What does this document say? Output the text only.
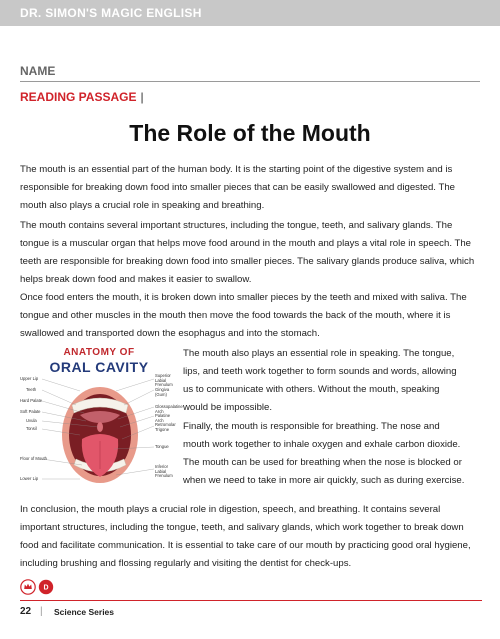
DR. SIMON'S MAGIC ENGLISH
NAME
READING PASSAGE |
The Role of the Mouth

The mouth is an essential part of the human body. It is the starting point of the digestive system and is responsible for breaking down food into smaller pieces that can be easily swallowed and digested. The mouth also plays a crucial role in speaking and breathing.

The mouth contains several important structures, including the tongue, teeth, and salivary glands. The tongue is a muscular organ that helps move food around in the mouth and plays a vital role in speech. The teeth are responsible for breaking down food into smaller pieces. The salivary glands produce saliva, which helps break down food and makes it easier to swallow.

Once food enters the mouth, it is broken down into smaller pieces by the teeth and mixed with saliva. The tongue and other muscles in the mouth then move the food towards the back of the mouth, where it is swallowed and transported down the esophagus and into the stomach.

ANATOMY OF
ORAL CAVITY
Upper Lip
Teeth
Hard Palate
Soft Palate
Uvula
Tonsil
Floor of Mouth
Lower Lip
Superior Labial Frenulum
Gingiva (Gum)
Glossopalatine Arch
Palatine Arch
Retromolar Trigone
Tongue
Inferior Labial Frenulum

The mouth also plays an essential role in speaking. The tongue, lips, and teeth work together to form sounds and words, allowing us to communicate with others. Without the mouth, speaking would be impossible.

Finally, the mouth is responsible for breathing. The nose and mouth work together to inhale oxygen and exhale carbon dioxide. The mouth can be used for breathing when the nose is blocked or when we need to take in more air quickly, such as during exercise.

In conclusion, the mouth plays a crucial role in digestion, speech, and breathing. It contains several important structures, including the tongue, teeth, and salivary glands, which work together to break down food and facilitate communication. It is essential to take care of our mouth by practicing good oral hygiene, including brushing and flossing regularly and visiting the dentist for check-ups.

D
22 | Science Series
